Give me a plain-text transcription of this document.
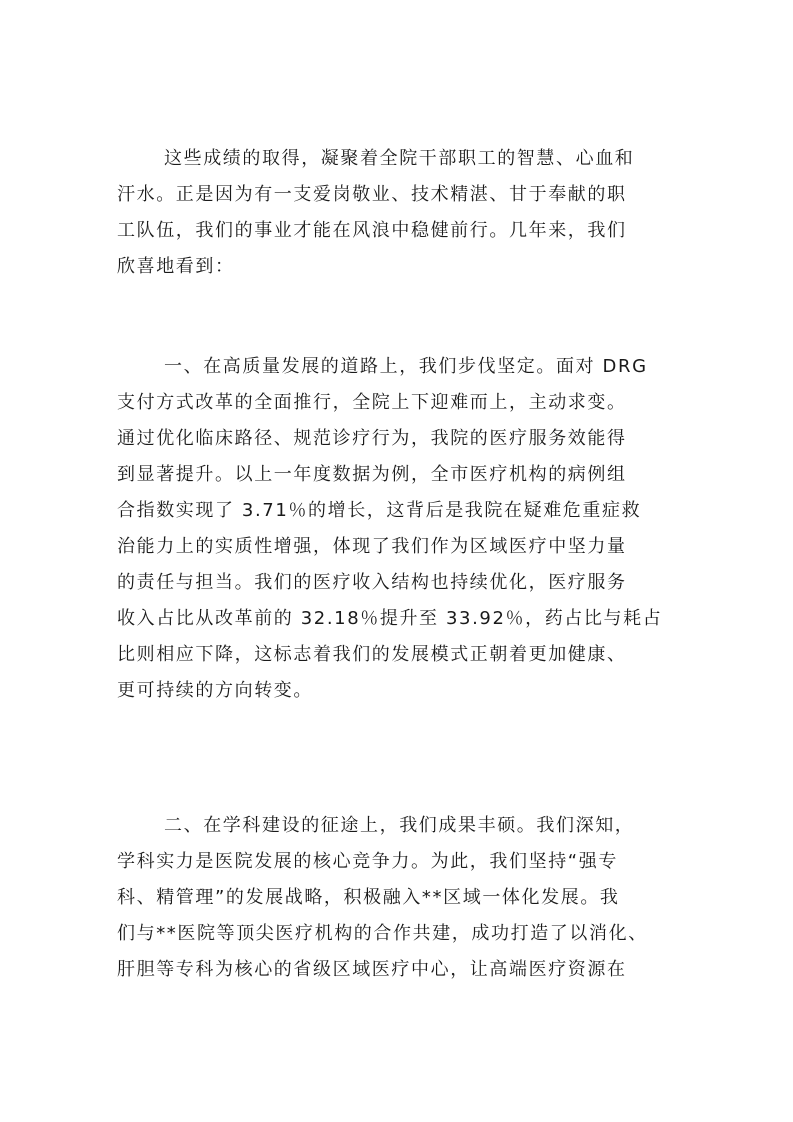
这些成绩的取得，凝聚着全院干部职工的智慧、心血和
汗水。正是因为有一支爱岗敬业、技术精湛、甘于奉献的职
工队伍，我们的事业才能在风浪中稳健前行。几年来，我们
欣喜地看到：
一、在高质量发展的道路上，我们步伐坚定。面对 DRG
支付方式改革的全面推行，全院上下迎难而上，主动求变。
通过优化临床路径、规范诊疗行为，我院的医疗服务效能得
到显著提升。以上一年度数据为例，全市医疗机构的病例组
合指数实现了 3.71％的增长，这背后是我院在疑难危重症救
治能力上的实质性增强，体现了我们作为区域医疗中坚力量
的责任与担当。我们的医疗收入结构也持续优化，医疗服务
收入占比从改革前的 32.18％提升至 33.92％，药占比与耗占
比则相应下降，这标志着我们的发展模式正朝着更加健康、
更可持续的方向转变。
二、在学科建设的征途上，我们成果丰硕。我们深知，
学科实力是医院发展的核心竞争力。为此，我们坚持“强专
科、精管理”的发展战略，积极融入**区域一体化发展。我
们与**医院等顶尖医疗机构的合作共建，成功打造了以消化、
肝胆等专科为核心的省级区域医疗中心，让高端医疗资源在
